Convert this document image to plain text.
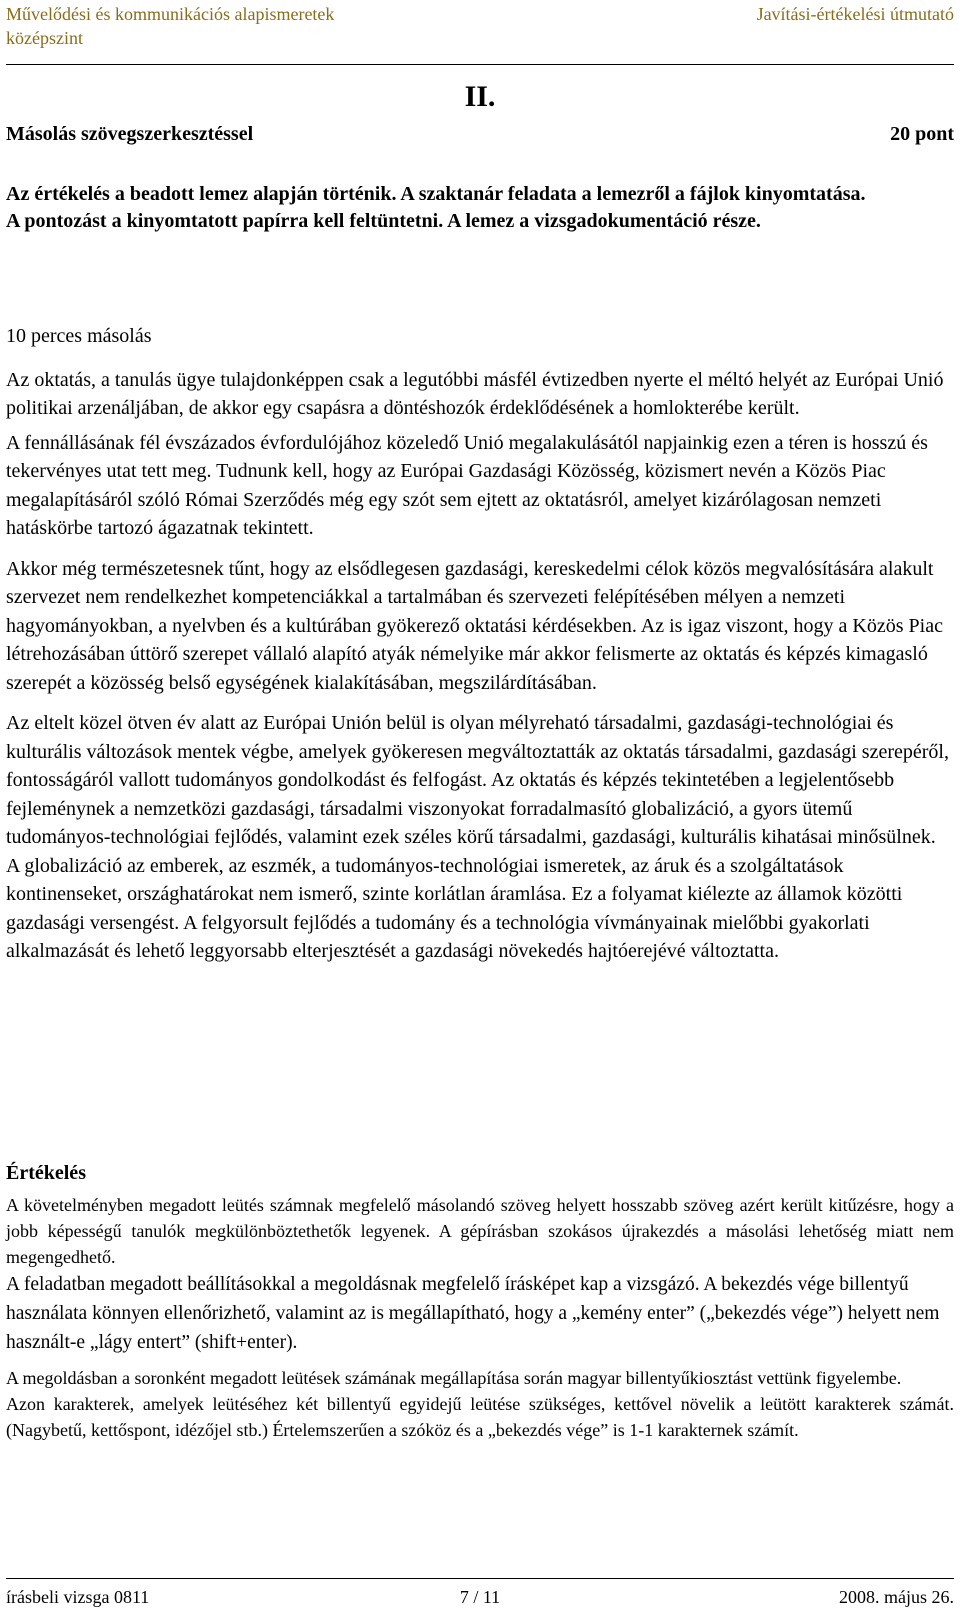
Művelődési és kommunikációs alapismeretek
középszint
Javítási-értékelési útmutató
II.
Másolás szövegszerkesztéssel	20 pont

Az értékelés a beadott lemez alapján történik. A szaktanár feladata a lemezről a fájlok kinyomtatása.

A pontozást a kinyomtatott papírra kell feltüntetni. A lemez a vizsgadokumentáció része.

10 perces másolás

Az oktatás, a tanulás ügye tulajdonképpen csak a legutóbbi másfél évtizedben nyerte el méltó helyét az Európai Unió politikai arzenáljában, de akkor egy csapásra a döntéshozók érdeklődésének a homlokterébe került.

A fennállásának fél évszázados évfordulójához közeledő Unió megalakulásától napjainkig ezen a téren is hosszú és tekervényes utat tett meg. Tudnunk kell, hogy az Európai Gazdasági Közösség, közismert nevén a Közös Piac megalapításáról szóló Római Szerződés még egy szót sem ejtett az oktatásról, amelyet kizárólagosan nemzeti hatáskörbe tartozó ágazatnak tekintett.

Akkor még természetesnek tűnt, hogy az elsődlegesen gazdasági, kereskedelmi célok közös megvalósítására alakult szervezet nem rendelkezhet kompetenciákkal a tartalmában és szervezeti felépítésében mélyen a nemzeti hagyományokban, a nyelvben és a kultúrában gyökerező oktatási kérdésekben. Az is igaz viszont, hogy a Közös Piac létrehozásában úttörő szerepet vállaló alapító atyák némelyike már akkor felismerte az oktatás és képzés kimagasló szerepét a közösség belső egységének kialakításában, megszilárdításában.

Az eltelt közel ötven év alatt az Európai Unión belül is olyan mélyreható társadalmi, gazdasági-technológiai és kulturális változások mentek végbe, amelyek gyökeresen megváltoztatták az oktatás társadalmi, gazdasági szerepéről, fontosságáról vallott tudományos gondolkodást és felfogást. Az oktatás és képzés tekintetében a legjelentősebb fejleménynek a nemzetközi gazdasági, társadalmi viszonyokat forradalmasító globalizáció, a gyors ütemű tudományos-technológiai fejlődés, valamint ezek széles körű társadalmi, gazdasági, kulturális kihatásai minősülnek.

A globalizáció az emberek, az eszmék, a tudományos-technológiai ismeretek, az áruk és a szolgáltatások kontinenseket, országhatárokat nem ismerő, szinte korlátlan áramlása. Ez a folyamat kiélezte az államok közötti gazdasági versengést. A felgyorsult fejlődés a tudomány és a technológia vívmányainak mielőbbi gyakorlati alkalmazását és lehető leggyorsabb elterjesztését a gazdasági növekedés hajtóerejévé változtatta.

Értékelés

A követelményben megadott leütés számnak megfelelő másolandó szöveg helyett hosszabb szöveg azért került kitűzésre, hogy a jobb képességű tanulók megkülönböztethetők legyenek. A gépírásban szokásos újrakezdés a másolási lehetőség miatt nem megengedhető.

A feladatban megadott beállításokkal a megoldásnak megfelelő írásképet kap a vizsgázó. A bekezdés vége billentyű használata könnyen ellenőrizhető, valamint az is megállapítható, hogy a „kemény enter” („bekezdés vége”) helyett nem használt-e „lágy entert” (shift+enter).

A megoldásban a soronként megadott leütések számának megállapítása során magyar billentyűkiosztást vettünk figyelembe.

Azon karakterek, amelyek leütéséhez két billentyű egyidejű leütése szükséges, kettővel növelik a leütött karakterek számát. (Nagybetű, kettőspont, idézőjel stb.) Értelemszerűen a szóköz és a „bekezdés vége” is 1-1 karakternek számít.

írásbeli vizsga 0811	7 / 11	2008. május 26.
